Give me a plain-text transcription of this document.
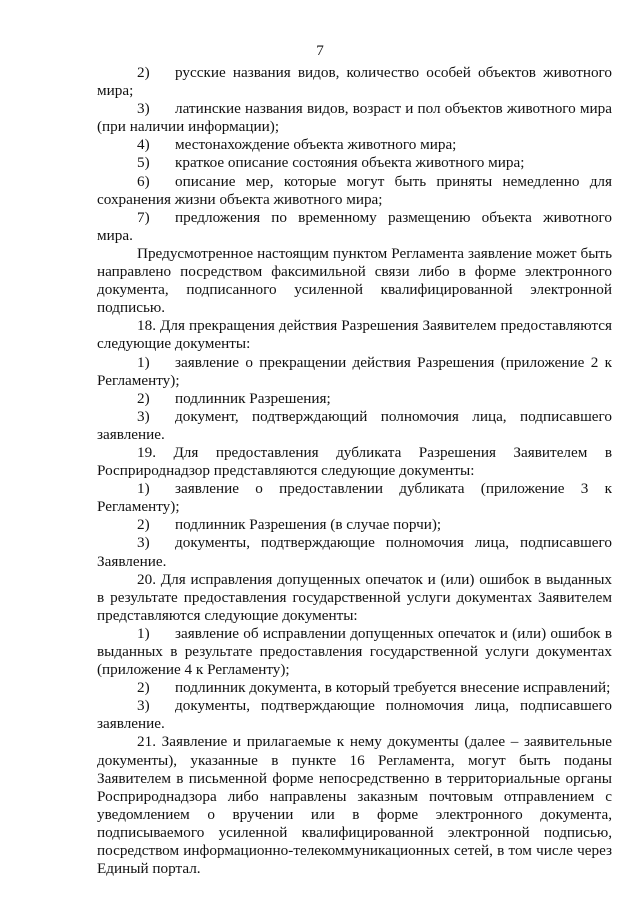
7

2) русские названия видов, количество особей объектов животного мира;

3) латинские названия видов, возраст и пол объектов животного мира (при наличии информации);

4) местонахождение объекта животного мира;

5) краткое описание состояния объекта животного мира;

6) описание мер, которые могут быть приняты немедленно для сохранения жизни объекта животного мира;

7) предложения по временному размещению объекта животного мира.

Предусмотренное настоящим пунктом Регламента заявление может быть направлено посредством факсимильной связи либо в форме электронного документа, подписанного усиленной квалифицированной электронной подписью.

18. Для прекращения действия Разрешения Заявителем предоставляются следующие документы:

1) заявление о прекращении действия Разрешения (приложение 2 к Регламенту);

2) подлинник Разрешения;

3) документ, подтверждающий полномочия лица, подписавшего заявление.

19. Для предоставления дубликата Разрешения Заявителем в Росприроднадзор представляются следующие документы:

1) заявление о предоставлении дубликата (приложение 3 к Регламенту);

2) подлинник Разрешения (в случае порчи);

3) документы, подтверждающие полномочия лица, подписавшего Заявление.

20. Для исправления допущенных опечаток и (или) ошибок в выданных в результате предоставления государственной услуги документах Заявителем представляются следующие документы:

1) заявление об исправлении допущенных опечаток и (или) ошибок в выданных в результате предоставления государственной услуги документах (приложение 4 к Регламенту);

2) подлинник документа, в который требуется внесение исправлений;

3) документы, подтверждающие полномочия лица, подписавшего заявление.

21. Заявление и прилагаемые к нему документы (далее – заявительные документы), указанные в пункте 16 Регламента, могут быть поданы Заявителем в письменной форме непосредственно в территориальные органы Росприроднадзора либо направлены заказным почтовым отправлением с уведомлением о вручении или в форме электронного документа, подписываемого усиленной квалифицированной электронной подписью, посредством информационно-телекоммуникационных сетей, в том числе через Единый портал.
